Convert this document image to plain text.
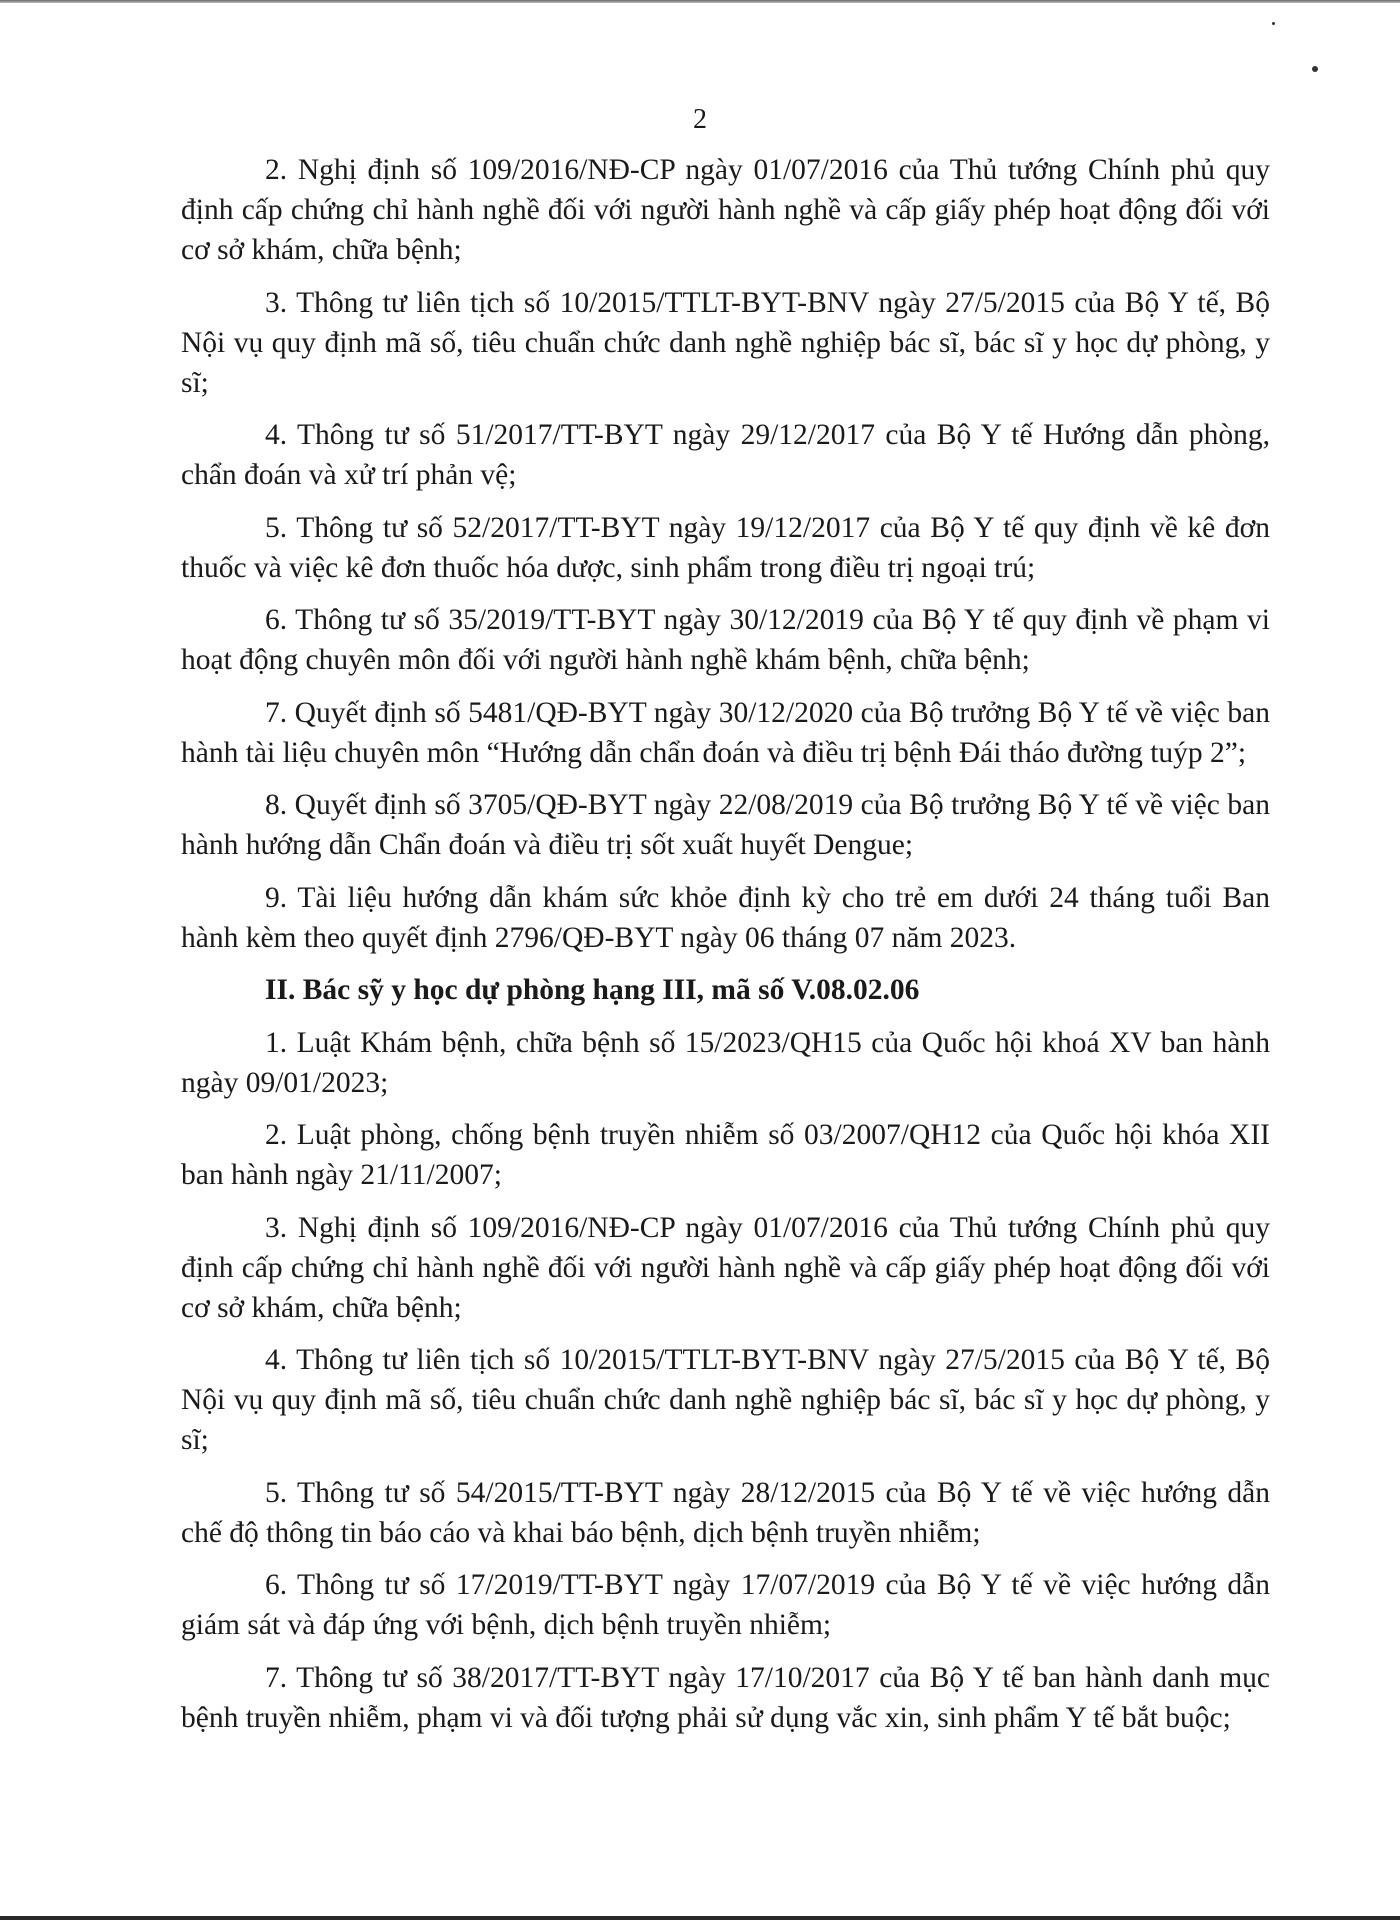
2

2. Nghị định số 109/2016/NĐ-CP ngày 01/07/2016 của Thủ tướng Chính phủ quy định cấp chứng chỉ hành nghề đối với người hành nghề và cấp giấy phép hoạt động đối với cơ sở khám, chữa bệnh;

3. Thông tư liên tịch số 10/2015/TTLT-BYT-BNV ngày 27/5/2015 của Bộ Y tế, Bộ Nội vụ quy định mã số, tiêu chuẩn chức danh nghề nghiệp bác sĩ, bác sĩ y học dự phòng, y sĩ;

4. Thông tư số 51/2017/TT-BYT ngày 29/12/2017 của Bộ Y tế Hướng dẫn phòng, chẩn đoán và xử trí phản vệ;

5. Thông tư số 52/2017/TT-BYT ngày 19/12/2017 của Bộ Y tế quy định về kê đơn thuốc và việc kê đơn thuốc hóa dược, sinh phẩm trong điều trị ngoại trú;

6. Thông tư số 35/2019/TT-BYT ngày 30/12/2019 của Bộ Y tế quy định về phạm vi hoạt động chuyên môn đối với người hành nghề khám bệnh, chữa bệnh;

7. Quyết định số 5481/QĐ-BYT ngày 30/12/2020 của Bộ trưởng Bộ Y tế về việc ban hành tài liệu chuyên môn “Hướng dẫn chẩn đoán và điều trị bệnh Đái tháo đường tuýp 2”;

8. Quyết định số 3705/QĐ-BYT ngày 22/08/2019 của Bộ trưởng Bộ Y tế về việc ban hành hướng dẫn Chẩn đoán và điều trị sốt xuất huyết Dengue;

9. Tài liệu hướng dẫn khám sức khỏe định kỳ cho trẻ em dưới 24 tháng tuổi Ban hành kèm theo quyết định 2796/QĐ-BYT ngày 06 tháng 07 năm 2023.

II. Bác sỹ y học dự phòng hạng III, mã số V.08.02.06

1. Luật Khám bệnh, chữa bệnh số 15/2023/QH15 của Quốc hội khoá XV ban hành ngày 09/01/2023;

2. Luật phòng, chống bệnh truyền nhiễm số 03/2007/QH12 của Quốc hội khóa XII ban hành ngày 21/11/2007;

3. Nghị định số 109/2016/NĐ-CP ngày 01/07/2016 của Thủ tướng Chính phủ quy định cấp chứng chỉ hành nghề đối với người hành nghề và cấp giấy phép hoạt động đối với cơ sở khám, chữa bệnh;

4. Thông tư liên tịch số 10/2015/TTLT-BYT-BNV ngày 27/5/2015 của Bộ Y tế, Bộ Nội vụ quy định mã số, tiêu chuẩn chức danh nghề nghiệp bác sĩ, bác sĩ y học dự phòng, y sĩ;

5. Thông tư số 54/2015/TT-BYT ngày 28/12/2015 của Bộ Y tế về việc hướng dẫn chế độ thông tin báo cáo và khai báo bệnh, dịch bệnh truyền nhiễm;

6. Thông tư số 17/2019/TT-BYT ngày 17/07/2019 của Bộ Y tế về việc hướng dẫn giám sát và đáp ứng với bệnh, dịch bệnh truyền nhiễm;

7. Thông tư số 38/2017/TT-BYT ngày 17/10/2017 của Bộ Y tế ban hành danh mục bệnh truyền nhiễm, phạm vi và đối tượng phải sử dụng vắc xin, sinh phẩm Y tế bắt buộc;
